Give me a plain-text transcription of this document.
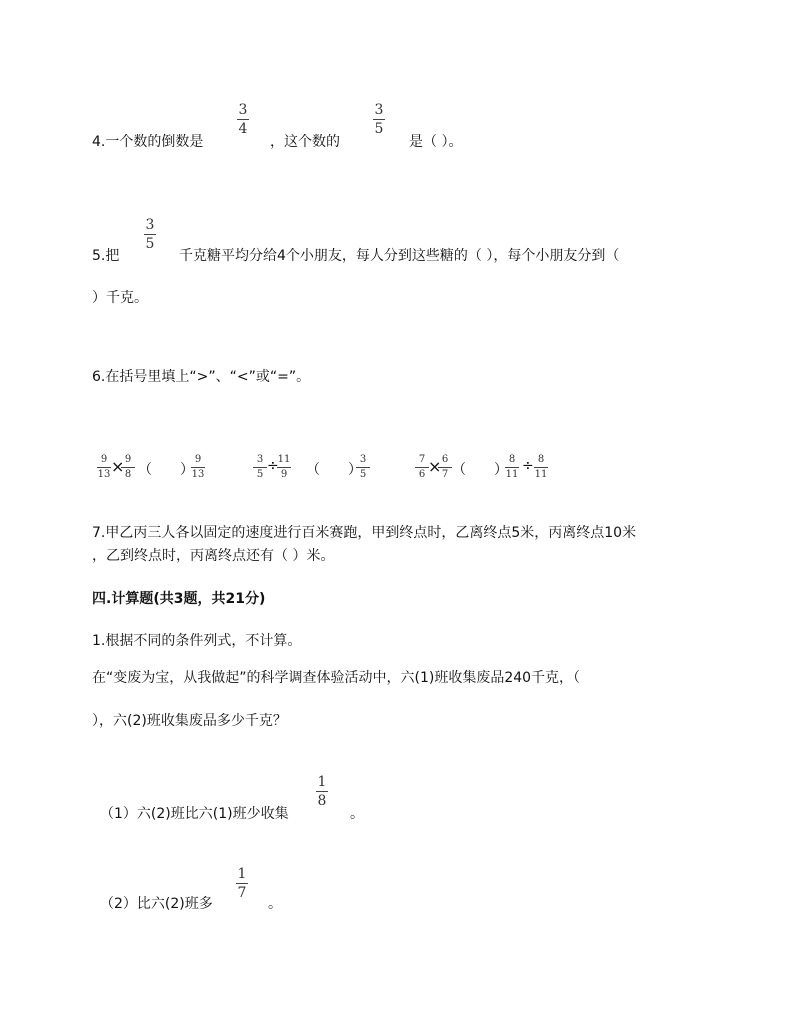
4.一个数的倒数是
3
4
，这个数的
3
5
是（ ）。
5.把
3
5
千克糖平均分给4个小朋友，每人分到这些糖的（ ），每个小朋友分到（
）千克。
6.在括号里填上“>”、“<”或“=”。
9
13 × 9
8 （　　）
9
13
3
5
÷
11
9 （　　）
3
5
7
6 × 6
7 （　　）
8
11
÷ 8
11
7.甲乙丙三人各以固定的速度进行百米赛跑，甲到终点时，乙离终点5米，丙离终点10米
，乙到终点时，丙离终点还有（ ）米。
四.计算题(共3题，共21分)
1.根据不同的条件列式，不计算。
在“变废为宝，从我做起”的科学调查体验活动中，六(1)班收集废品240千克，（
），六(2)班收集废品多少千克？
（1）六(2)班比六(1)班少收集
1
8
。
（2）比六(2)班多
1
7
。
